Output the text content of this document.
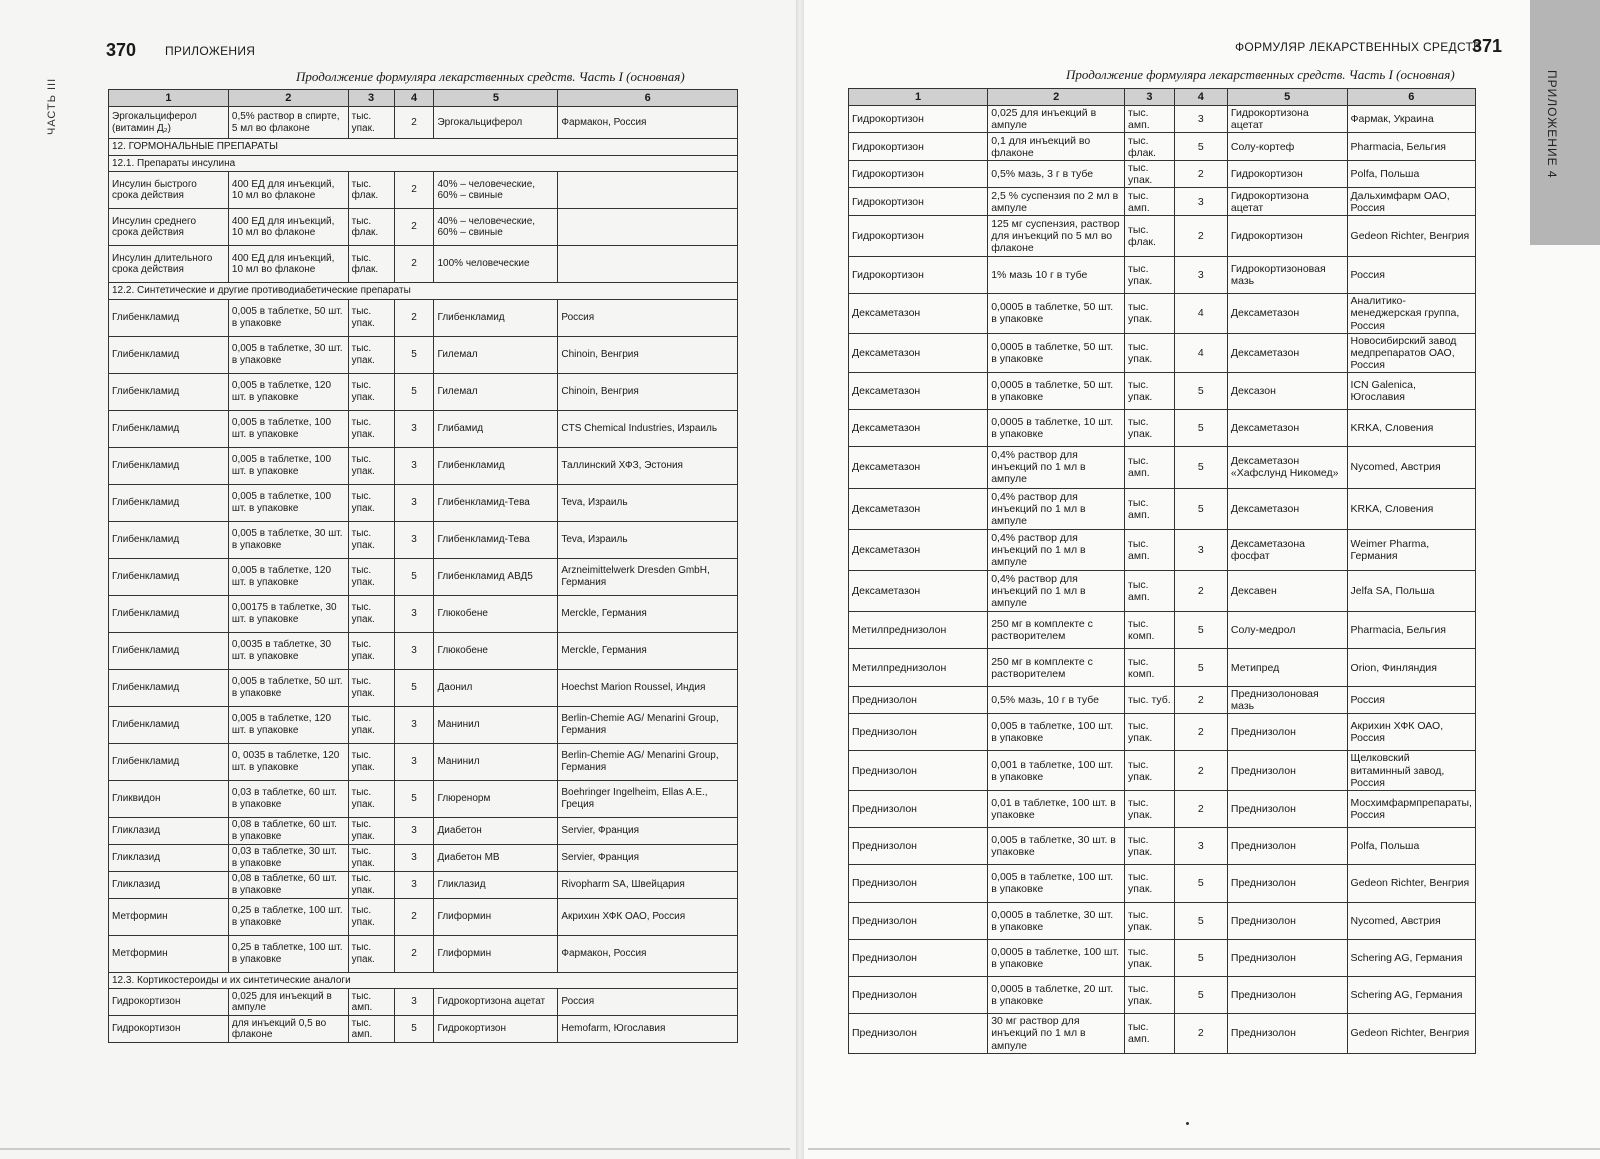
ЧАСТЬ III
370 ПРИЛОЖЕНИЯ
Продолжение формуляра лекарственных средств. Часть I (основная)
1	2	3	4	5	6
Эргокальциферол (витамин Д₂)	0,5% раствор в спирте, 5 мл во флаконе	тыс. упак.	2	Эргокальциферол	Фармакон, Россия
12. ГОРМОНАЛЬНЫЕ ПРЕПАРАТЫ					
12.1. Препараты инсулина					
Инсулин быстрого срока действия	400 ЕД для инъекций, 10 мл во флаконе	тыс. флак.	2	40% – человеческие, 60% – свиные	
Инсулин среднего срока действия	400 ЕД для инъекций, 10 мл во флаконе	тыс. флак.	2	40% – человеческие, 60% – свиные	
Инсулин длительного срока действия	400 ЕД для инъекций, 10 мл во флаконе	тыс. флак.	2	100% человеческие	
12.2. Синтетические и другие противодиабетические препараты					
Глибенкламид	0,005 в таблетке, 50 шт. в упаковке	тыс. упак.	2	Глибенкламид	Россия
Глибенкламид	0,005 в таблетке, 30 шт. в упаковке	тыс. упак.	5	Гилемал	Chinoin, Венгрия
Глибенкламид	0,005 в таблетке, 120 шт. в упаковке	тыс. упак.	5	Гилемал	Chinoin, Венгрия
Глибенкламид	0,005 в таблетке, 100 шт. в упаковке	тыс. упак.	3	Глибамид	CTS Chemical Industries, Израиль
Глибенкламид	0,005 в таблетке, 100 шт. в упаковке	тыс. упак.	3	Глибенкламид	Таллинский ХФЗ, Эстония
Глибенкламид	0,005 в таблетке, 100 шт. в упаковке	тыс. упак.	3	Глибенкламид-Тева	Teva, Израиль
Глибенкламид	0,005 в таблетке, 30 шт. в упаковке	тыс. упак.	3	Глибенкламид-Тева	Teva, Израиль
Глибенкламид	0,005 в таблетке, 120 шт. в упаковке	тыс. упак.	5	Глибенкламид АВД5	Arzneimittelwerk Dresden GmbH, Германия
Глибенкламид	0,00175 в таблетке, 30 шт. в упаковке	тыс. упак.	3	Глюкобене	Merckle, Германия
Глибенкламид	0,0035 в таблетке, 30 шт. в упаковке	тыс. упак.	3	Глюкобене	Merckle, Германия
Глибенкламид	0,005 в таблетке, 50 шт. в упаковке	тыс. упак.	5	Даонил	Hoechst Marion Roussel, Индия
Глибенкламид	0,005 в таблетке, 120 шт. в упаковке	тыс. упак.	3	Манинил	Berlin-Chemie AG/ Menarini Group, Германия
Глибенкламид	0, 0035 в таблетке, 120 шт. в упаковке	тыс. упак.	3	Манинил	Berlin-Chemie AG/ Menarini Group, Германия
Гликвидон	0,03 в таблетке, 60 шт. в упаковке	тыс. упак.	5	Глюренорм	Boehringer Ingelheim, Ellas A.E., Греция
Гликлазид	0,08 в таблетке, 60 шт. в упаковке	тыс. упак.	3	Диабетон	Servier, Франция
Гликлазид	0,03 в таблетке, 30 шт. в упаковке	тыс. упак.	3	Диабетон МВ	Servier, Франция
Гликлазид	0,08 в таблетке, 60 шт. в упаковке	тыс. упак.	3	Гликлазид	Rivopharm SA, Швейцария
Метформин	0,25 в таблетке, 100 шт. в упаковке	тыс. упак.	2	Глиформин	Акрихин ХФК ОАО, Россия
Метформин	0,25 в таблетке, 100 шт. в упаковке	тыс. упак.	2	Глиформин	Фармакон, Россия
12.3. Кортикостероиды и их синтетические аналоги					
Гидрокортизон	0,025 для инъекций в ампуле	тыс. амп.	3	Гидрокортизона ацетат	Россия
Гидрокортизон	для инъекций 0,5 во флаконе	тыс. амп.	5	Гидрокортизон	Hemofarm, Югославия
ПРИЛОЖЕНИЕ 4
371
ФОРМУЛЯР ЛЕКАРСТВЕННЫХ СРЕДСТВ
Продолжение формуляра лекарственных средств. Часть I (основная)
1	2	3	4	5	6
Гидрокортизон	0,025 для инъекций в ампуле	тыс. амп.	3	Гидрокортизона ацетат	Фармак, Украина
Гидрокортизон	0,1 для инъекций во флаконе	тыс. флак.	5	Солу-кортеф	Pharmacia, Бельгия
Гидрокортизон	0,5% мазь, 3 г в тубе	тыс. упак.	2	Гидрокортизон	Polfa, Польша
Гидрокортизон	2,5 % суспензия по 2 мл в ампуле	тыс. амп.	3	Гидрокортизона ацетат	Дальхимфарм ОАО, Россия
Гидрокортизон	125 мг суспензия, раствор для инъекций по 5 мл во флаконе	тыс. флак.	2	Гидрокортизон	Gedeon Richter, Венгрия
Гидрокортизон	1% мазь 10 г в тубе	тыс. упак.	3	Гидрокортизоновая мазь	Россия
Дексаметазон	0,0005 в таблетке, 50 шт. в упаковке	тыс. упак.	4	Дексаметазон	Аналитико-менеджерская группа, Россия
Дексаметазон	0,0005 в таблетке, 50 шт. в упаковке	тыс. упак.	4	Дексаметазон	Новосибирский завод медпрепаратов ОАО, Россия
Дексаметазон	0,0005 в таблетке, 50 шт. в упаковке	тыс. упак.	5	Дексазон	ICN Galenica, Югославия
Дексаметазон	0,0005 в таблетке, 10 шт. в упаковке	тыс. упак.	5	Дексаметазон	KRKA, Словения
Дексаметазон	0,4% раствор для инъекций по 1 мл в ампуле	тыс. амп.	5	Дексаметазон «Хафслунд Никомед»	Nycomed, Австрия
Дексаметазон	0,4% раствор для инъекций по 1 мл в ампуле	тыс. амп.	5	Дексаметазон	KRKA, Словения
Дексаметазон	0,4% раствор для инъекций по 1 мл в ампуле	тыс. амп.	3	Дексаметазона фосфат	Weimer Pharma, Германия
Дексаметазон	0,4% раствор для инъекций по 1 мл в ампуле	тыс. амп.	2	Дексавен	Jelfa SA, Польша
Метилпреднизолон	250 мг в комплекте с растворителем	тыс. комп.	5	Солу-медрол	Pharmacia, Бельгия
Метилпреднизолон	250 мг в комплекте с растворителем	тыс. комп.	5	Метипред	Orion, Финляндия
Преднизолон	0,5% мазь, 10 г в тубе	тыс. туб.	2	Преднизолоновая мазь	Россия
Преднизолон	0,005 в таблетке, 100 шт. в упаковке	тыс. упак.	2	Преднизолон	Акрихин ХФК ОАО, Россия
Преднизолон	0,001 в таблетке, 100 шт. в упаковке	тыс. упак.	2	Преднизолон	Щелковский витаминный завод, Россия
Преднизолон	0,01 в таблетке, 100 шт. в упаковке	тыс. упак.	2	Преднизолон	Мосхимфармпрепараты, Россия
Преднизолон	0,005 в таблетке, 30 шт. в упаковке	тыс. упак.	3	Преднизолон	Polfa, Польша
Преднизолон	0,005 в таблетке, 100 шт. в упаковке	тыс. упак.	5	Преднизолон	Gedeon Richter, Венгрия
Преднизолон	0,0005 в таблетке, 30 шт. в упаковке	тыс. упак.	5	Преднизолон	Nycomed, Австрия
Преднизолон	0,0005 в таблетке, 100 шт. в упаковке	тыс. упак.	5	Преднизолон	Schering AG, Германия
Преднизолон	0,0005 в таблетке, 20 шт. в упаковке	тыс. упак.	5	Преднизолон	Schering AG, Германия
Преднизолон	30 мг раствор для инъекций по 1 мл в ампуле	тыс. амп.	2	Преднизолон	Gedeon Richter, Венгрия
